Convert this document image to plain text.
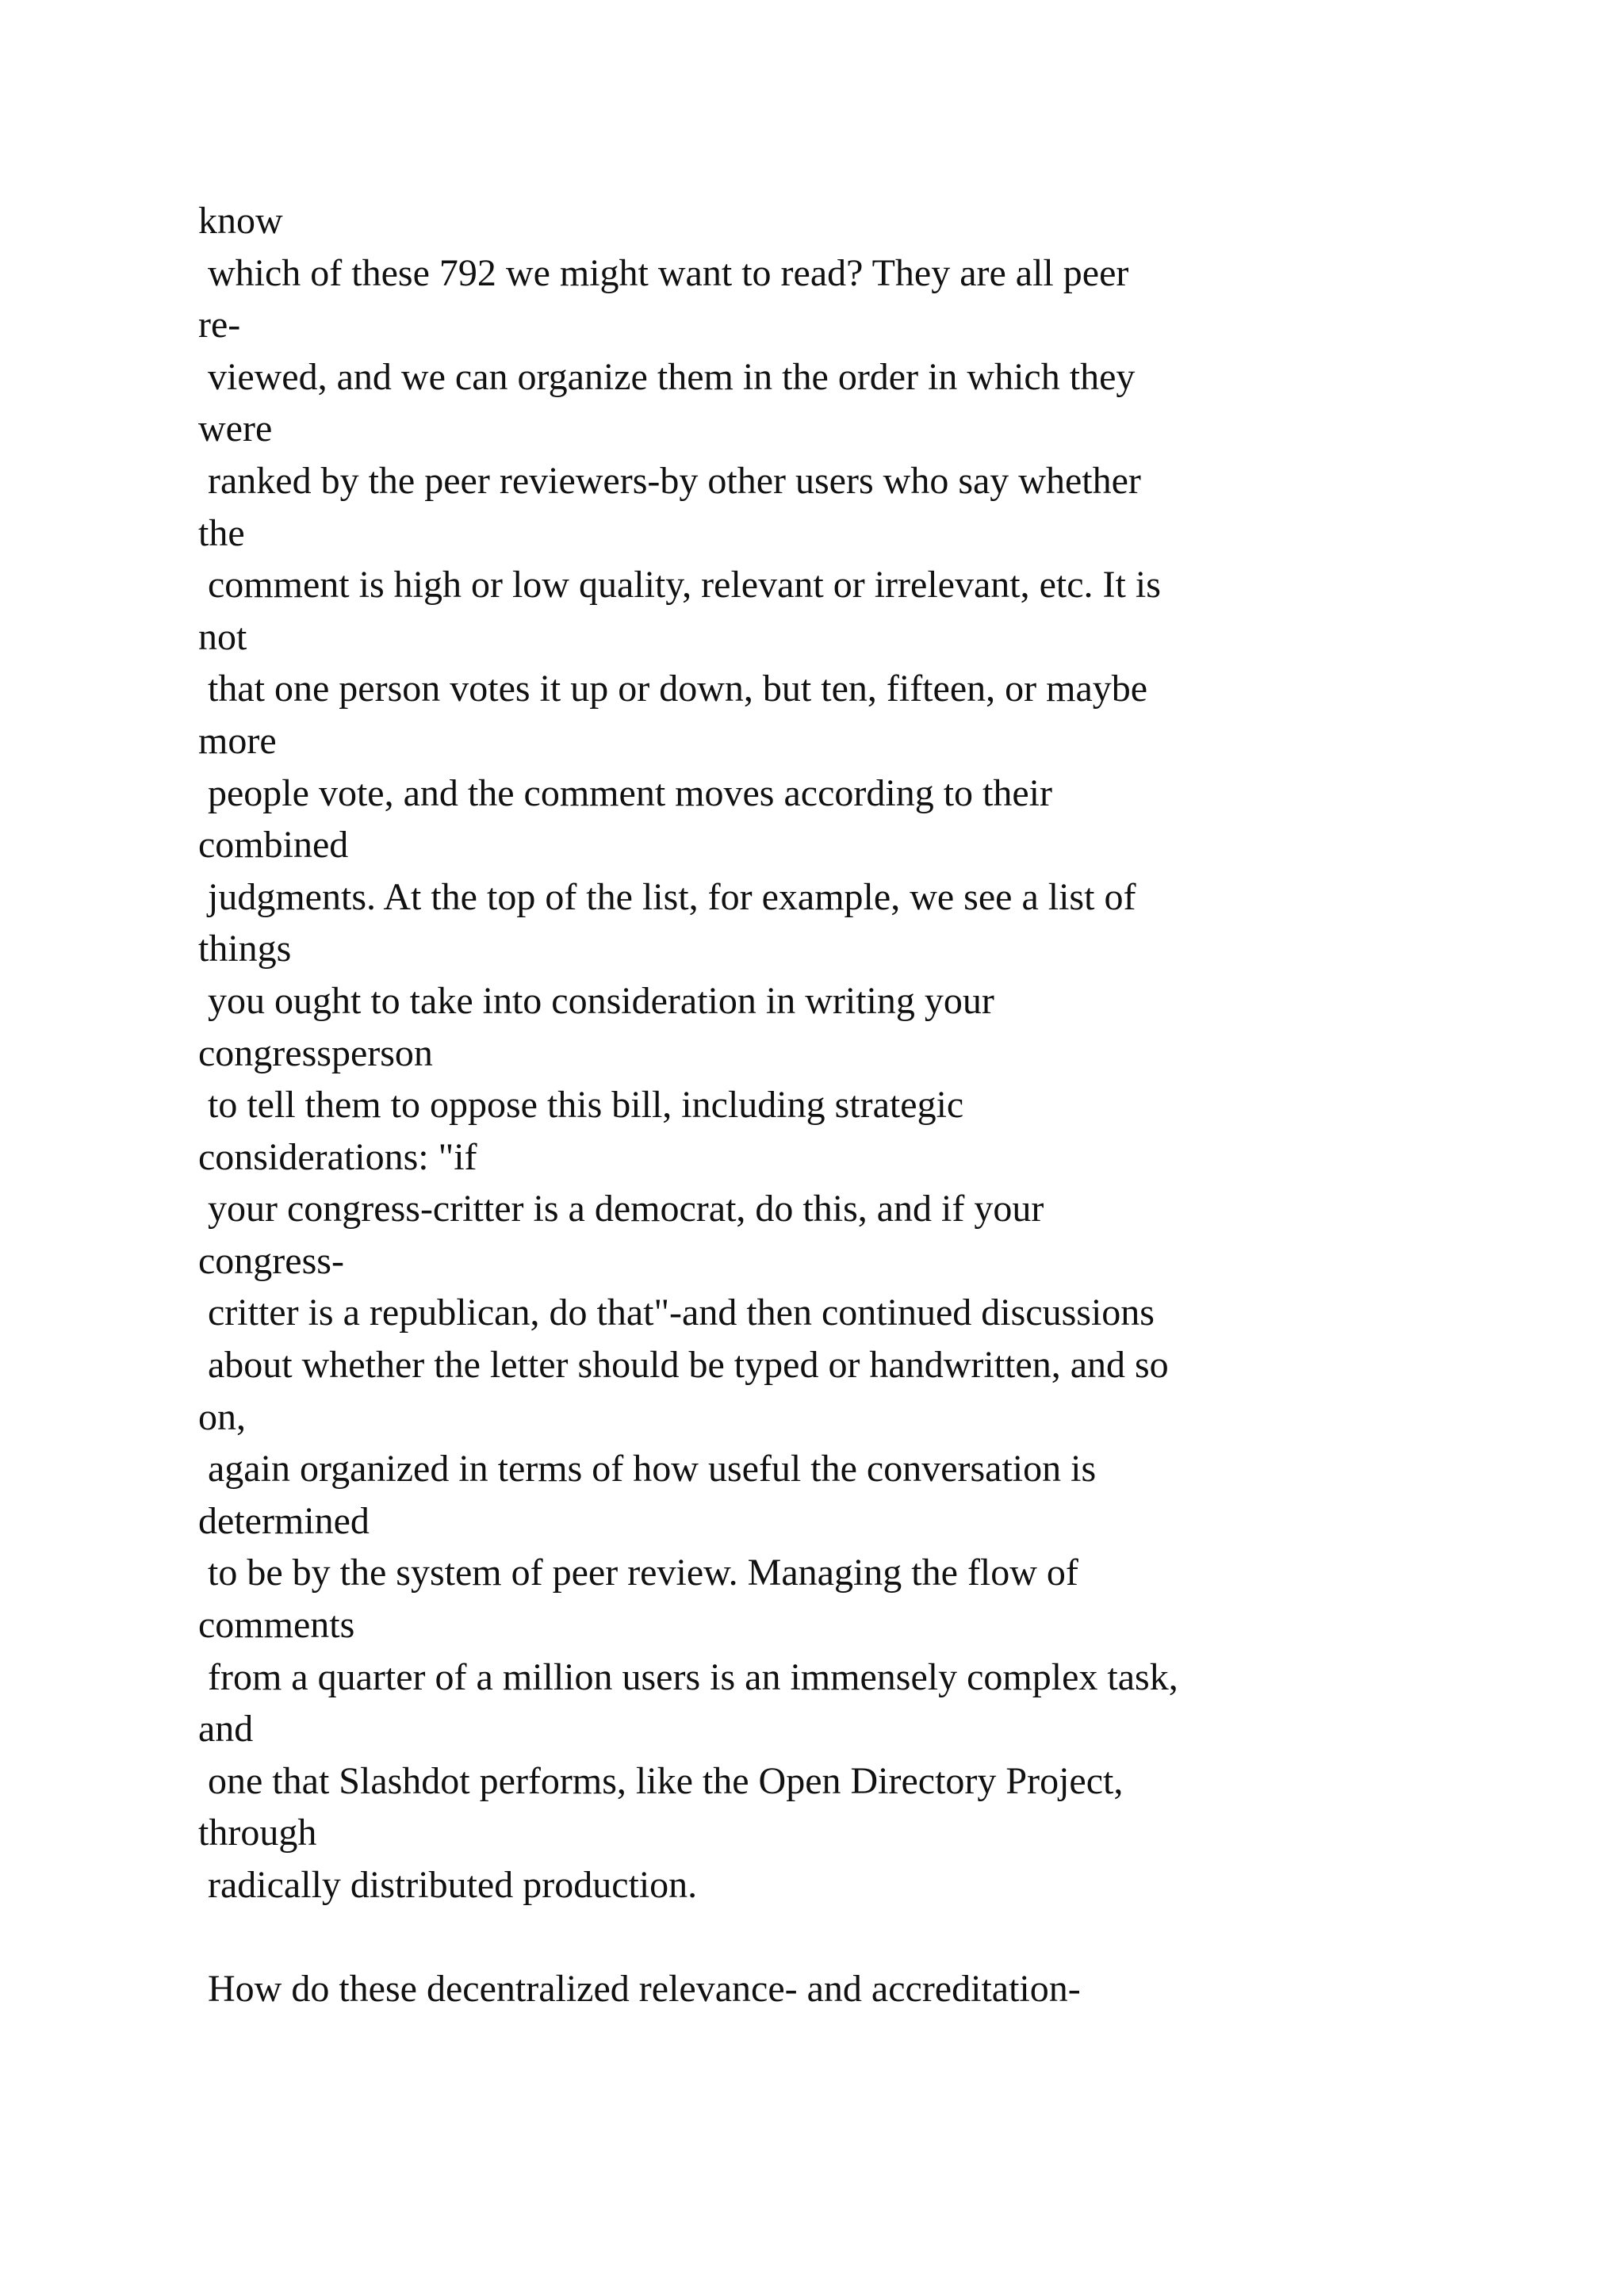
know
which of these 792 we might want to read? They are all peer
re-
viewed, and we can organize them in the order in which they
were
ranked by the peer reviewers-by other users who say whether
the
comment is high or low quality, relevant or irrelevant, etc. It is
not
that one person votes it up or down, but ten, fifteen, or maybe
more
people vote, and the comment moves according to their
combined
judgments. At the top of the list, for example, we see a list of
things
you ought to take into consideration in writing your
congressperson
to tell them to oppose this bill, including strategic
considerations: "if
your congress-critter is a democrat, do this, and if your
congress-
critter is a republican, do that"-and then continued discussions
about whether the letter should be typed or handwritten, and so
on,
again organized in terms of how useful the conversation is
determined
to be by the system of peer review. Managing the flow of
comments
from a quarter of a million users is an immensely complex task,
and
one that Slashdot performs, like the Open Directory Project,
through
radically distributed production.
How do these decentralized relevance- and accreditation-
